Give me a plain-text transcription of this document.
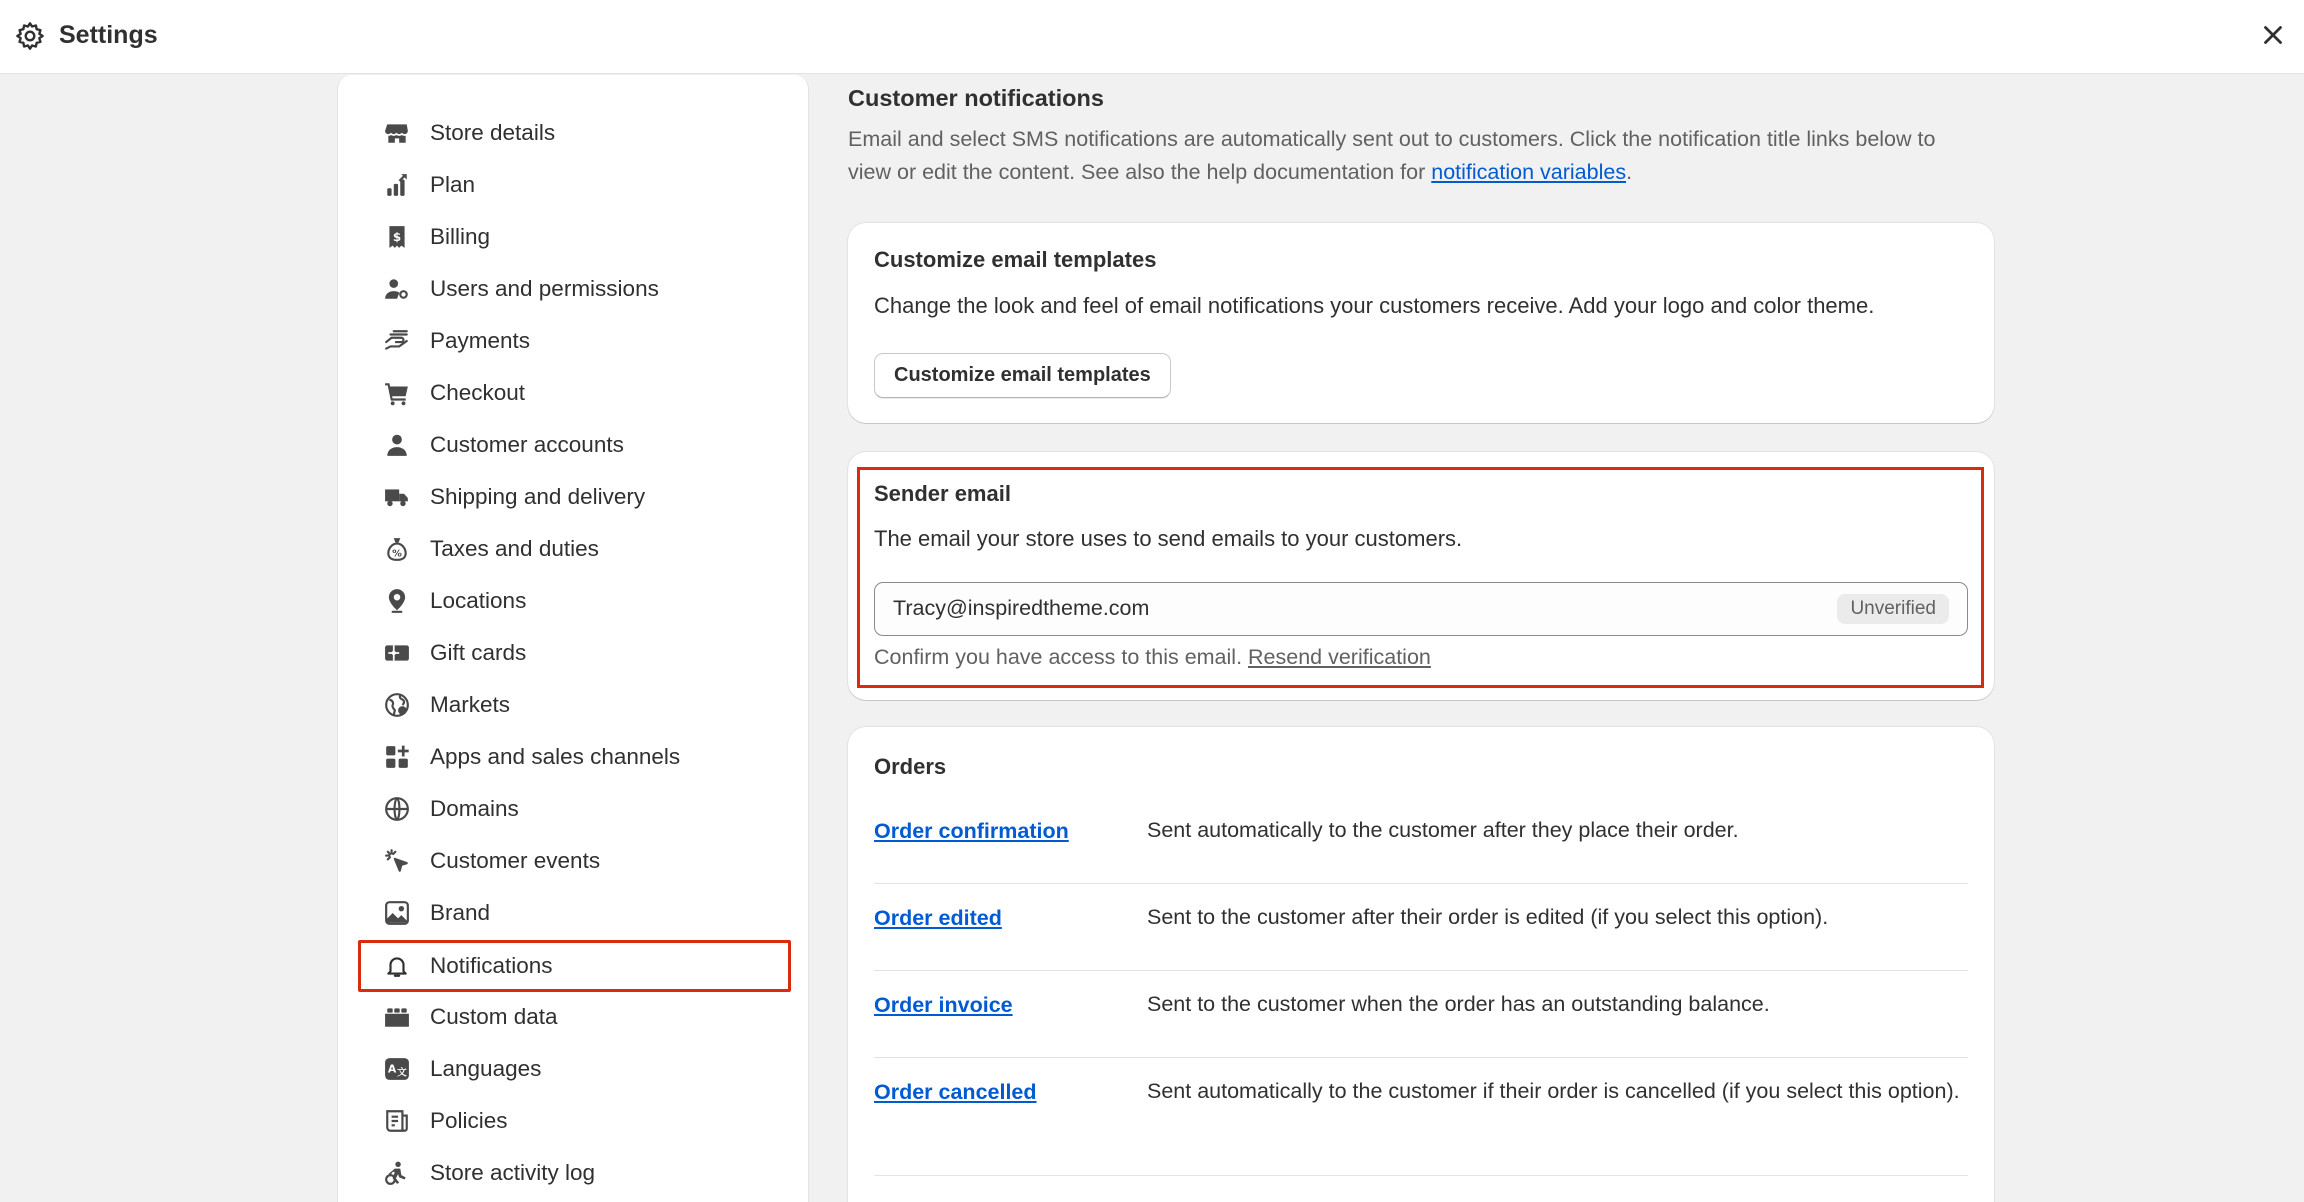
Settings
Store details
Plan
$ Billing
Users and permissions
Payments
Checkout
Customer accounts
Shipping and delivery
% Taxes and duties
Locations
Gift cards
Markets
Apps and sales channels
Domains
Customer events
Brand
Notifications
Custom data
A 文 Languages
Policies
Store activity log
Customer notifications
Email and select SMS notifications are automatically sent out to customers. Click the notification title links below to view or edit the content. See also the help documentation for notification variables.
Customize email templates
Change the look and feel of email notifications your customers receive. Add your logo and color theme.
Customize email templates
Sender email
The email your store uses to send emails to your customers.
Tracy@inspiredtheme.com
Unverified
Confirm you have access to this email. Resend verification
Orders
Order confirmation	Sent automatically to the customer after they place their order.
Order edited	Sent to the customer after their order is edited (if you select this option).
Order invoice	Sent to the customer when the order has an outstanding balance.
Order cancelled	Sent automatically to the customer if their order is cancelled (if you select this option).
